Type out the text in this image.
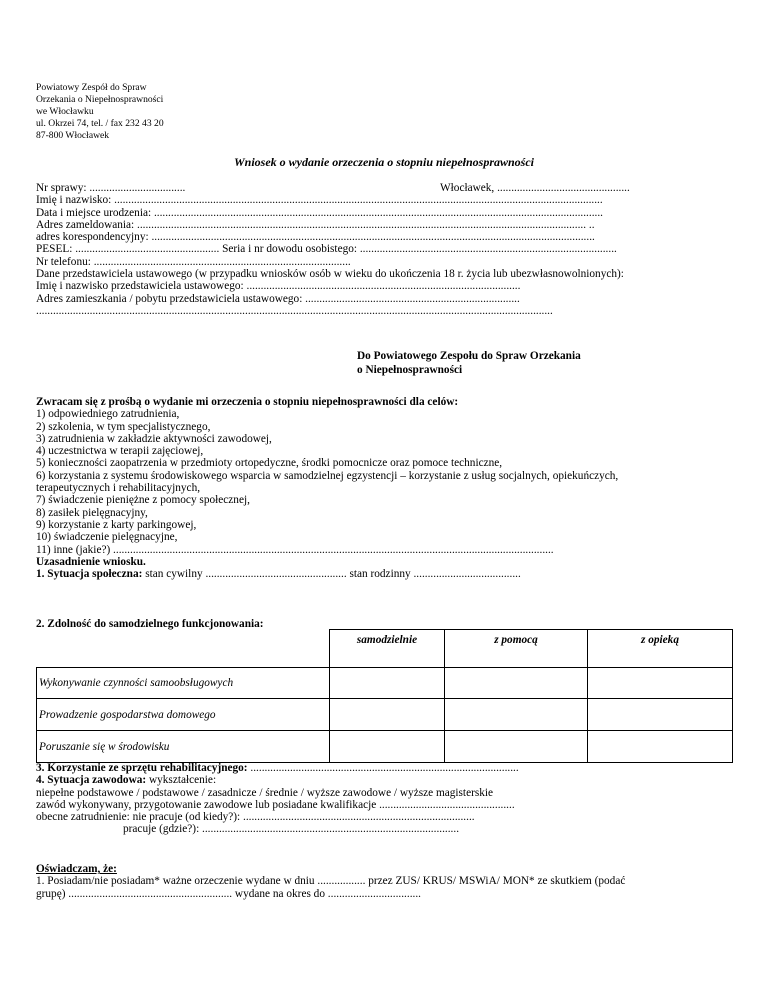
Powiatowy Zespół do Spraw
Orzekania o Niepełnosprawności
we Włocławku
ul. Okrzei 74, tel. / fax 232 43 20
87-800 Włocławek
Wniosek o wydanie orzeczenia o stopniu niepełnosprawności
Nr sprawy: ..................................	Włocławek, ...............................................
Imię i nazwisko: .............................................................................................................................................................................
Data i miejsce urodzenia: ...............................................................................................................................................................
Adres zameldowania: ............................................................................................................................................................... ..
adres korespondencyjny: .............................................................................................................................................................
PESEL: ................................................... Seria i nr dowodu osobistego: ...........................................................................................
Nr telefonu: ...........................................................................................
Dane przedstawiciela ustawowego (w przypadku wniosków osób w wieku do ukończenia 18 r. życia lub ubezwłasnowolnionych):
Imię i nazwisko przedstawiciela ustawowego: .................................................................................................
Adres zamieszkania / pobytu przedstawiciela ustawowego: ............................................................................
.......................................................................................................................................................................................
Do Powiatowego Zespołu do Spraw Orzekania
o Niepełnosprawności
Zwracam się z prośbą o wydanie mi orzeczenia o stopniu niepełnosprawności dla celów:
1) odpowiedniego zatrudnienia,
2) szkolenia, w tym specjalistycznego,
3) zatrudnienia w zakładzie aktywności zawodowej,
4) uczestnictwa w terapii zajęciowej,
5) konieczności zaopatrzenia w przedmioty ortopedyczne, środki pomocnicze oraz pomoce techniczne,
6) korzystania z systemu środowiskowego wsparcia w samodzielnej egzystencji – korzystanie z usług socjalnych, opiekuńczych,
terapeutycznych i rehabilitacyjnych,
7) świadczenie pieniężne z pomocy społecznej,
8) zasiłek pielęgnacyjny,
9) korzystanie z karty parkingowej,
10) świadczenie pielęgnacyjne,
11) inne (jakie?) ............................................................................................................................................................
Uzasadnienie wniosku.
1. Sytuacja społeczna: stan cywilny .................................................. stan rodzinny ......................................
2. Zdolność do samodzielnego funkcjonowania:
	samodzielnie	z pomocą	z opieką
Wykonywanie czynności samoobsługowych			
Prowadzenie gospodarstwa domowego			
Poruszanie się w środowisku			
3. Korzystanie ze sprzętu rehabilitacyjnego: ...............................................................................................
4. Sytuacja zawodowa: wykształcenie:
niepełne podstawowe / podstawowe / zasadnicze / średnie / wyższe zawodowe / wyższe magisterskie
zawód wykonywany, przygotowanie zawodowe lub posiadane kwalifikacje ................................................
obecne zatrudnienie: nie pracuje (od kiedy?): ..................................................................................
pracuje (gdzie?): ...........................................................................................
Oświadczam, że:
1. Posiadam/nie posiadam* ważne orzeczenie wydane w dniu ................. przez ZUS/ KRUS/ MSWiA/ MON* ze skutkiem (podać
grupę) .......................................................... wydane na okres do .................................
